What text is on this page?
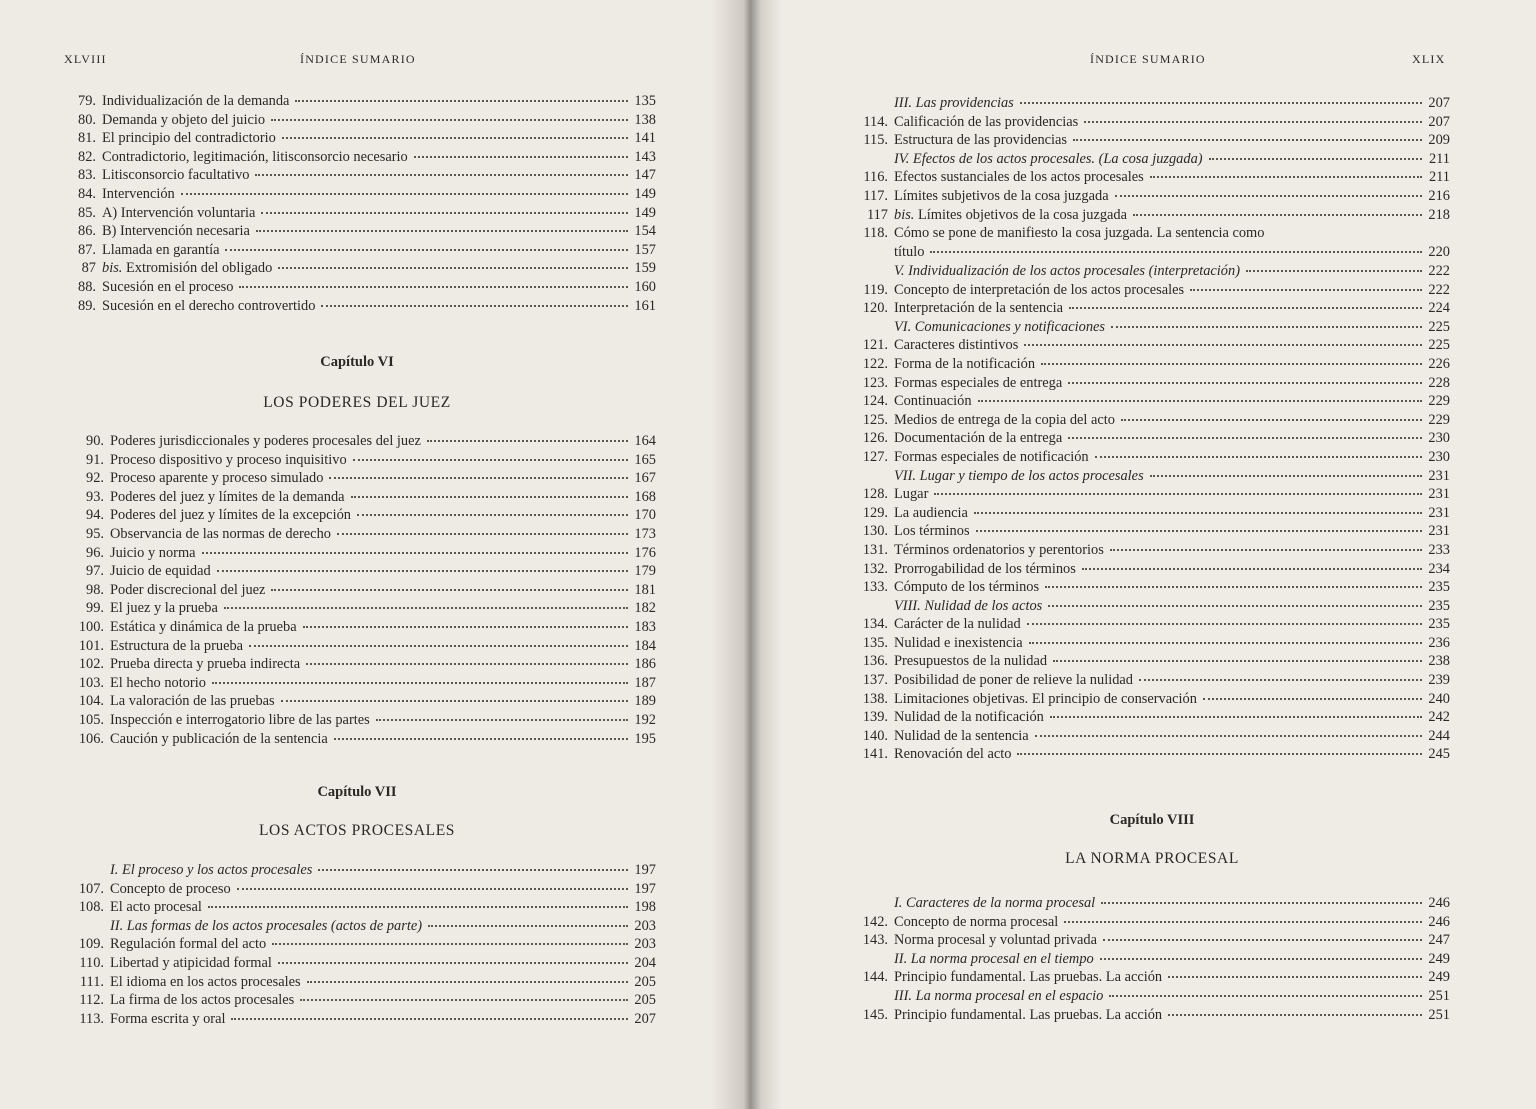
XLVIII	ÍNDICE SUMARIO
79. Individualización de la demanda	135
80. Demanda y objeto del juicio	138
81. El principio del contradictorio	141
82. Contradictorio, legitimación, litisconsorcio necesario	143
83. Litisconsorcio facultativo	147
84. Intervención	149
85. A) Intervención voluntaria	149
86. B) Intervención necesaria	154
87. Llamada en garantía	157
87 bis. Extromisión del obligado	159
88. Sucesión en el proceso	160
89. Sucesión en el derecho controvertido	161
Capítulo VI
LOS PODERES DEL JUEZ
90. Poderes jurisdiccionales y poderes procesales del juez	164
91. Proceso dispositivo y proceso inquisitivo	165
92. Proceso aparente y proceso simulado	167
93. Poderes del juez y límites de la demanda	168
94. Poderes del juez y límites de la excepción	170
95. Observancia de las normas de derecho	173
96. Juicio y norma	176
97. Juicio de equidad	179
98. Poder discrecional del juez	181
99. El juez y la prueba	182
100. Estática y dinámica de la prueba	183
101. Estructura de la prueba	184
102. Prueba directa y prueba indirecta	186
103. El hecho notorio	187
104. La valoración de las pruebas	189
105. Inspección e interrogatorio libre de las partes	192
106. Caución y publicación de la sentencia	195
Capítulo VII
LOS ACTOS PROCESALES
I. El proceso y los actos procesales	197
107. Concepto de proceso	197
108. El acto procesal	198
II. Las formas de los actos procesales (actos de parte)	203
109. Regulación formal del acto	203
110. Libertad y atipicidad formal	204
111. El idioma en los actos procesales	205
112. La firma de los actos procesales	205
113. Forma escrita y oral	207
ÍNDICE SUMARIO	XLIX
III. Las providencias	207
114. Calificación de las providencias	207
115. Estructura de las providencias	209
IV. Efectos de los actos procesales. (La cosa juzgada)	211
116. Efectos sustanciales de los actos procesales	211
117. Límites subjetivos de la cosa juzgada	216
117 bis. Límites objetivos de la cosa juzgada	218
118. Cómo se pone de manifiesto la cosa juzgada. La sentencia como
título	220
V. Individualización de los actos procesales (interpretación)	222
119. Concepto de interpretación de los actos procesales	222
120. Interpretación de la sentencia	224
VI. Comunicaciones y notificaciones	225
121. Caracteres distintivos	225
122. Forma de la notificación	226
123. Formas especiales de entrega	228
124. Continuación	229
125. Medios de entrega de la copia del acto	229
126. Documentación de la entrega	230
127. Formas especiales de notificación	230
VII. Lugar y tiempo de los actos procesales	231
128. Lugar	231
129. La audiencia	231
130. Los términos	231
131. Términos ordenatorios y perentorios	233
132. Prorrogabilidad de los términos	234
133. Cómputo de los términos	235
VIII. Nulidad de los actos	235
134. Carácter de la nulidad	235
135. Nulidad e inexistencia	236
136. Presupuestos de la nulidad	238
137. Posibilidad de poner de relieve la nulidad	239
138. Limitaciones objetivas. El principio de conservación	240
139. Nulidad de la notificación	242
140. Nulidad de la sentencia	244
141. Renovación del acto	245
Capítulo VIII
LA NORMA PROCESAL
I. Caracteres de la norma procesal	246
142. Concepto de norma procesal	246
143. Norma procesal y voluntad privada	247
II. La norma procesal en el tiempo	249
144. Principio fundamental. Las pruebas. La acción	249
III. La norma procesal en el espacio	251
145. Principio fundamental. Las pruebas. La acción	251
